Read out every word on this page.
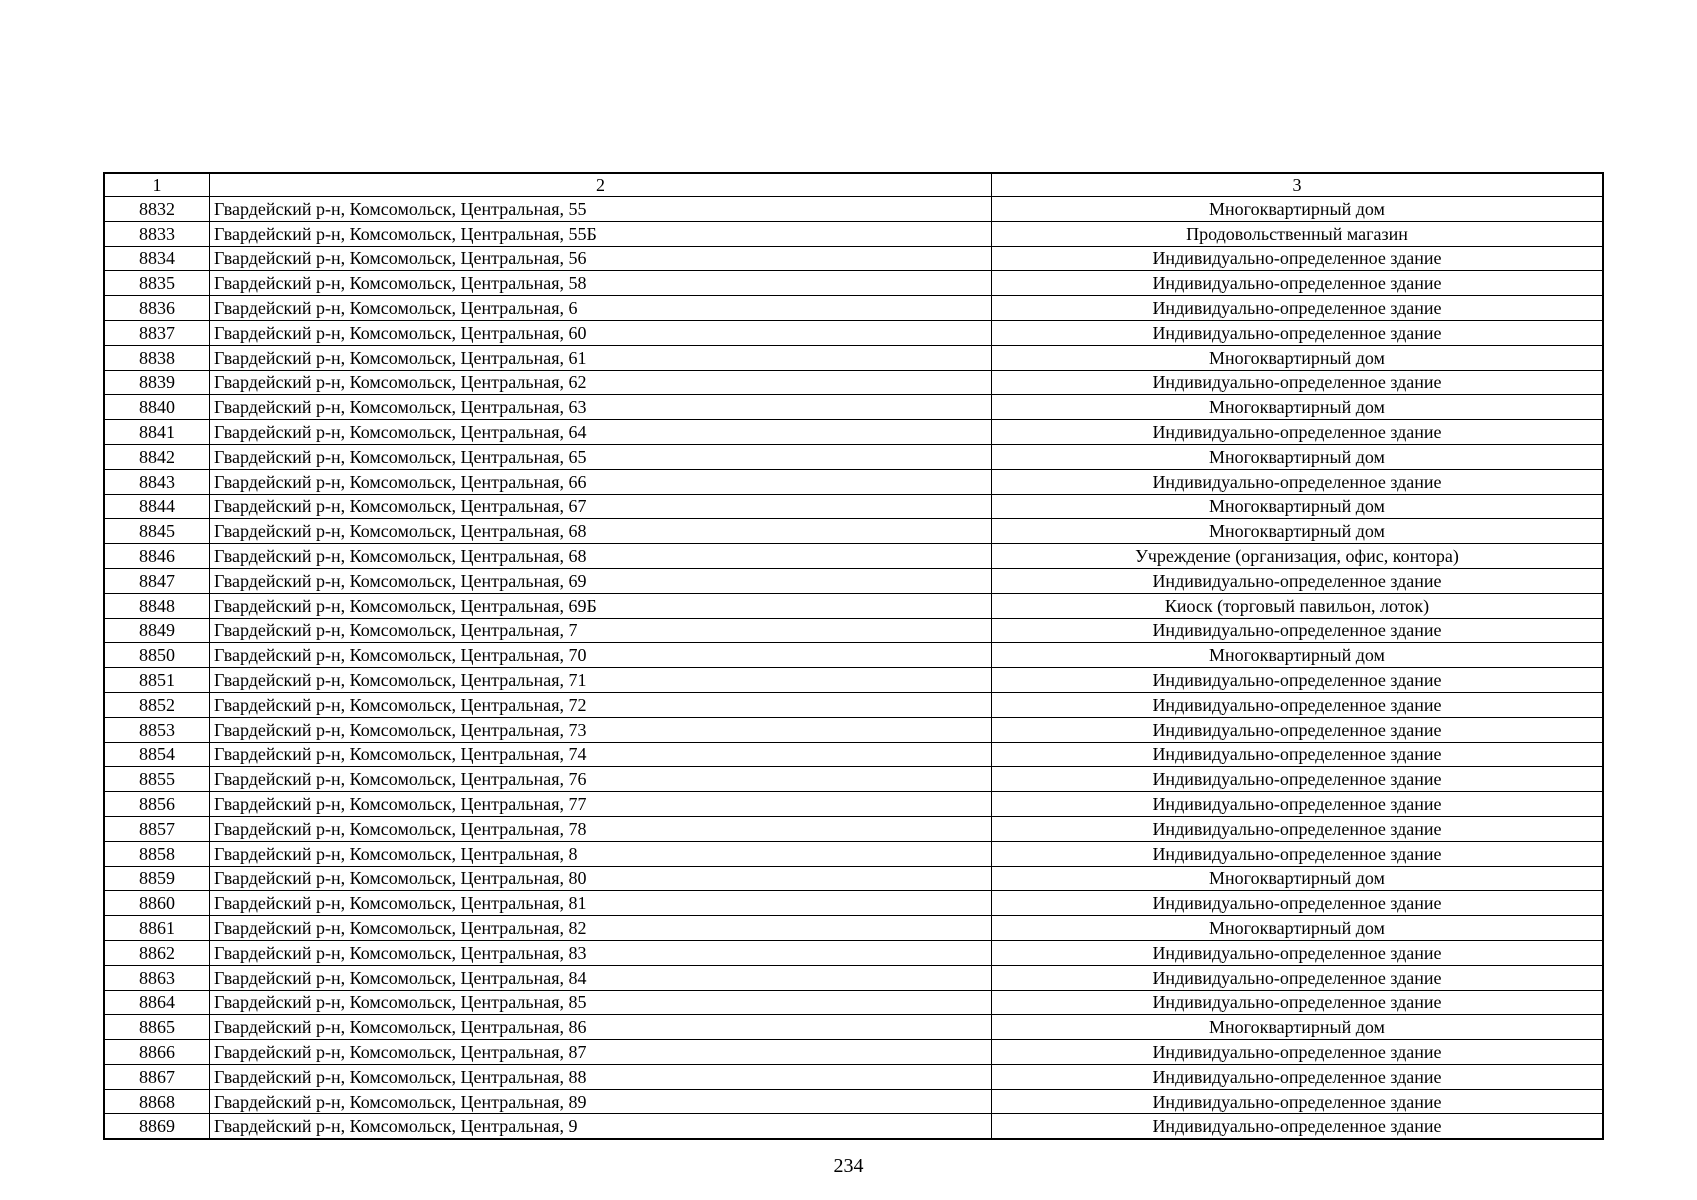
1	2	3
8832	Гвардейский р-н, Комсомольск, Центральная, 55	Многоквартирный дом
8833	Гвардейский р-н, Комсомольск, Центральная, 55Б	Продовольственный магазин
8834	Гвардейский р-н, Комсомольск, Центральная, 56	Индивидуально-определенное здание
8835	Гвардейский р-н, Комсомольск, Центральная, 58	Индивидуально-определенное здание
8836	Гвардейский р-н, Комсомольск, Центральная, 6	Индивидуально-определенное здание
8837	Гвардейский р-н, Комсомольск, Центральная, 60	Индивидуально-определенное здание
8838	Гвардейский р-н, Комсомольск, Центральная, 61	Многоквартирный дом
8839	Гвардейский р-н, Комсомольск, Центральная, 62	Индивидуально-определенное здание
8840	Гвардейский р-н, Комсомольск, Центральная, 63	Многоквартирный дом
8841	Гвардейский р-н, Комсомольск, Центральная, 64	Индивидуально-определенное здание
8842	Гвардейский р-н, Комсомольск, Центральная, 65	Многоквартирный дом
8843	Гвардейский р-н, Комсомольск, Центральная, 66	Индивидуально-определенное здание
8844	Гвардейский р-н, Комсомольск, Центральная, 67	Многоквартирный дом
8845	Гвардейский р-н, Комсомольск, Центральная, 68	Многоквартирный дом
8846	Гвардейский р-н, Комсомольск, Центральная, 68	Учреждение (организация, офис, контора)
8847	Гвардейский р-н, Комсомольск, Центральная, 69	Индивидуально-определенное здание
8848	Гвардейский р-н, Комсомольск, Центральная, 69Б	Киоск (торговый павильон, лоток)
8849	Гвардейский р-н, Комсомольск, Центральная, 7	Индивидуально-определенное здание
8850	Гвардейский р-н, Комсомольск, Центральная, 70	Многоквартирный дом
8851	Гвардейский р-н, Комсомольск, Центральная, 71	Индивидуально-определенное здание
8852	Гвардейский р-н, Комсомольск, Центральная, 72	Индивидуально-определенное здание
8853	Гвардейский р-н, Комсомольск, Центральная, 73	Индивидуально-определенное здание
8854	Гвардейский р-н, Комсомольск, Центральная, 74	Индивидуально-определенное здание
8855	Гвардейский р-н, Комсомольск, Центральная, 76	Индивидуально-определенное здание
8856	Гвардейский р-н, Комсомольск, Центральная, 77	Индивидуально-определенное здание
8857	Гвардейский р-н, Комсомольск, Центральная, 78	Индивидуально-определенное здание
8858	Гвардейский р-н, Комсомольск, Центральная, 8	Индивидуально-определенное здание
8859	Гвардейский р-н, Комсомольск, Центральная, 80	Многоквартирный дом
8860	Гвардейский р-н, Комсомольск, Центральная, 81	Индивидуально-определенное здание
8861	Гвардейский р-н, Комсомольск, Центральная, 82	Многоквартирный дом
8862	Гвардейский р-н, Комсомольск, Центральная, 83	Индивидуально-определенное здание
8863	Гвардейский р-н, Комсомольск, Центральная, 84	Индивидуально-определенное здание
8864	Гвардейский р-н, Комсомольск, Центральная, 85	Индивидуально-определенное здание
8865	Гвардейский р-н, Комсомольск, Центральная, 86	Многоквартирный дом
8866	Гвардейский р-н, Комсомольск, Центральная, 87	Индивидуально-определенное здание
8867	Гвардейский р-н, Комсомольск, Центральная, 88	Индивидуально-определенное здание
8868	Гвардейский р-н, Комсомольск, Центральная, 89	Индивидуально-определенное здание
8869	Гвардейский р-н, Комсомольск, Центральная, 9	Индивидуально-определенное здание
234
